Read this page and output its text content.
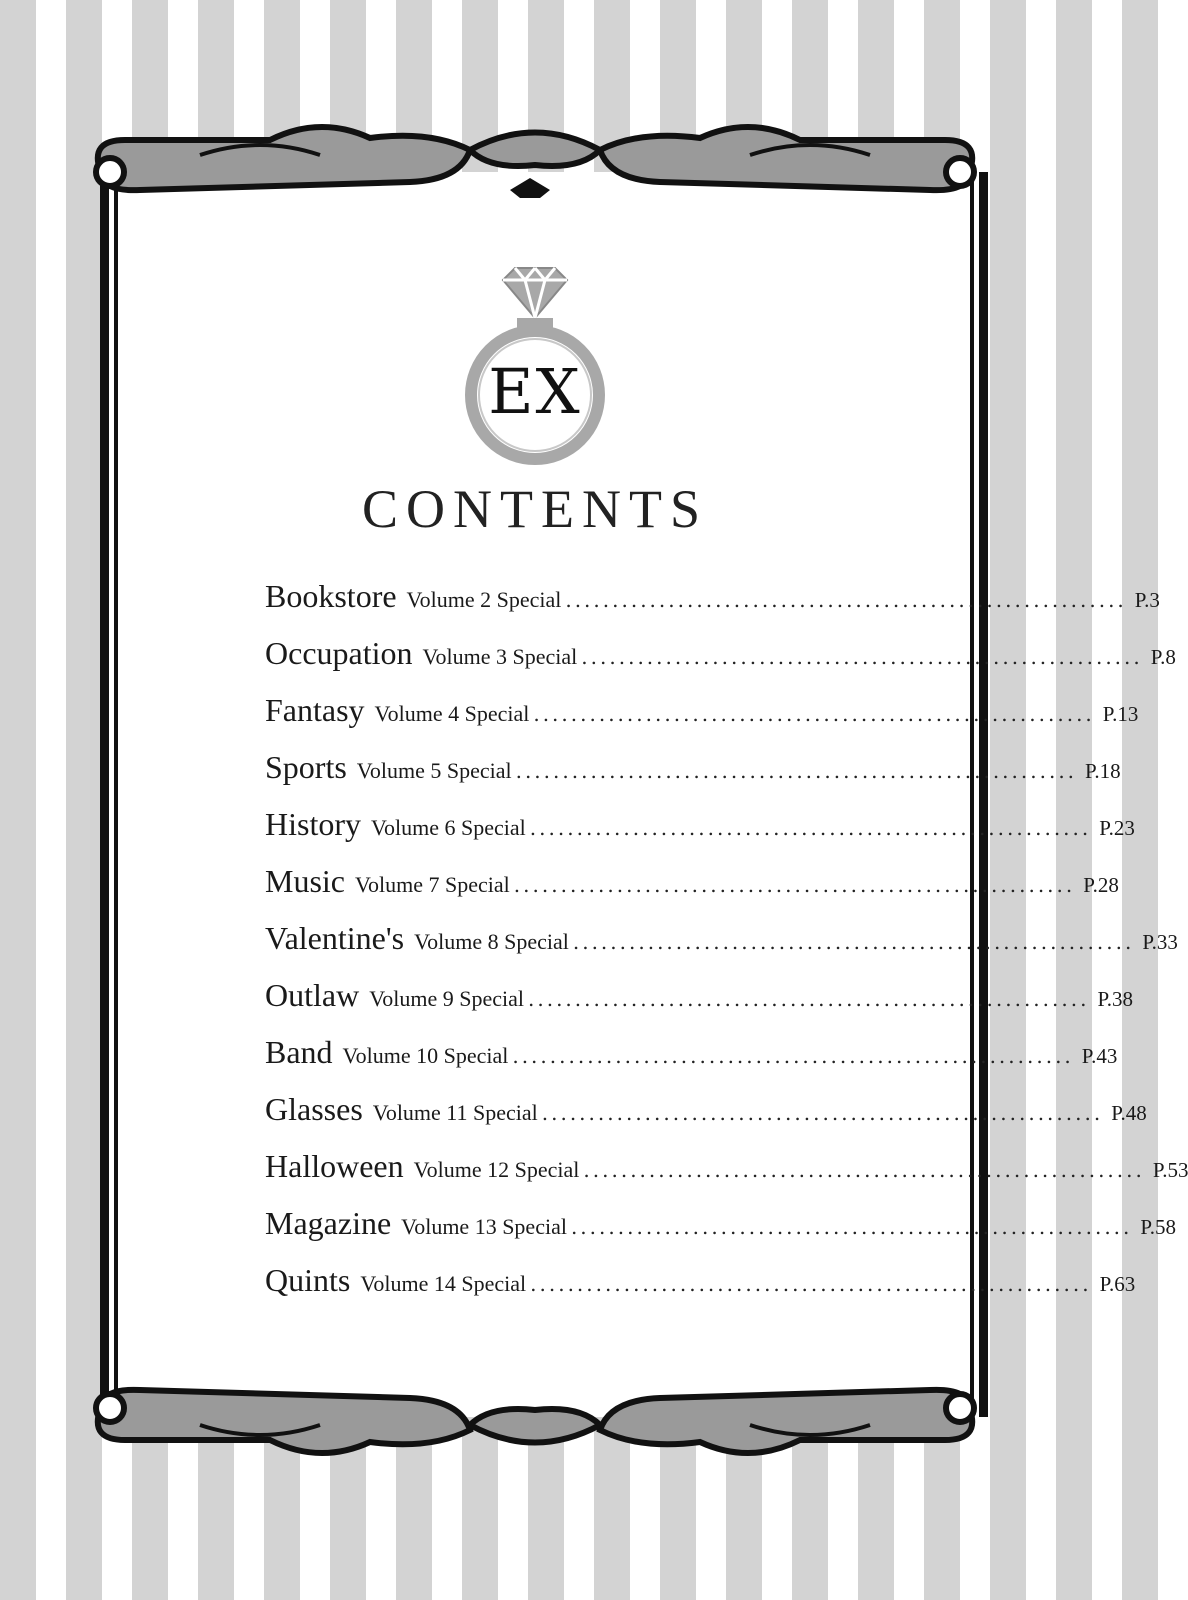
EX
CONTENTS
Bookstore Volume 2 Special ............................................................ P.3
Occupation Volume 3 Special ............................................................ P.8
Fantasy Volume 4 Special ............................................................ P.13
Sports Volume 5 Special ............................................................ P.18
History Volume 6 Special ............................................................ P.23
Music Volume 7 Special ............................................................ P.28
Valentine's Volume 8 Special ............................................................ P.33
Outlaw Volume 9 Special ............................................................ P.38
Band Volume 10 Special ............................................................ P.43
Glasses Volume 11 Special ............................................................ P.48
Halloween Volume 12 Special ............................................................ P.53
Magazine Volume 13 Special ............................................................ P.58
Quints Volume 14 Special ............................................................ P.63
